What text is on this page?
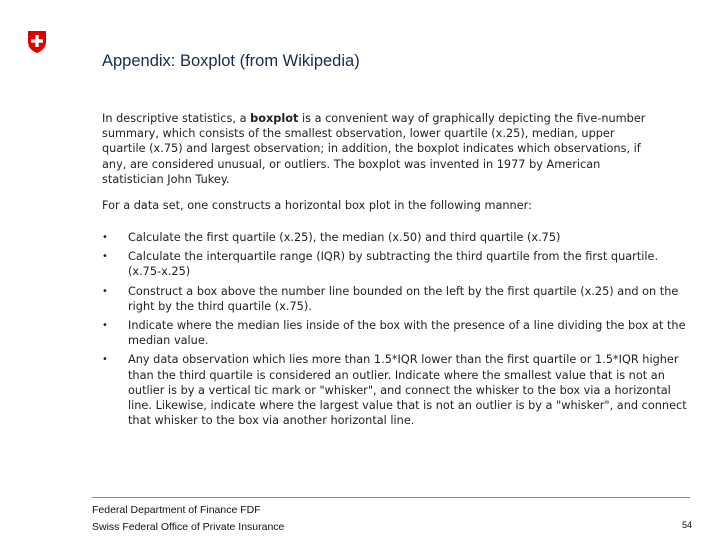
Appendix: Boxplot (from Wikipedia)
In descriptive statistics, a boxplot is a convenient way of graphically depicting the five-number summary, which consists of the smallest observation, lower quartile (x.25), median, upper quartile (x.75) and largest observation; in addition, the boxplot indicates which observations, if any, are considered unusual, or outliers. The boxplot was invented in 1977 by American statistician John Tukey.
For a data set, one constructs a horizontal box plot in the following manner:
• Calculate the first quartile (x.25), the median (x.50) and third quartile (x.75)
• Calculate the interquartile range (IQR) by subtracting the third quartile from the first quartile. (x.75-x.25)
• Construct a box above the number line bounded on the left by the first quartile (x.25) and on the right by the third quartile (x.75).
• Indicate where the median lies inside of the box with the presence of a line dividing the box at the median value.
• Any data observation which lies more than 1.5*IQR lower than the first quartile or 1.5*IQR higher than the third quartile is considered an outlier. Indicate where the smallest value that is not an outlier is by a vertical tic mark or "whisker", and connect the whisker to the box via a horizontal line. Likewise, indicate where the largest value that is not an outlier is by a "whisker", and connect that whisker to the box via another horizontal line.
Federal Department of Finance FDF
Swiss Federal Office of Private Insurance	54
